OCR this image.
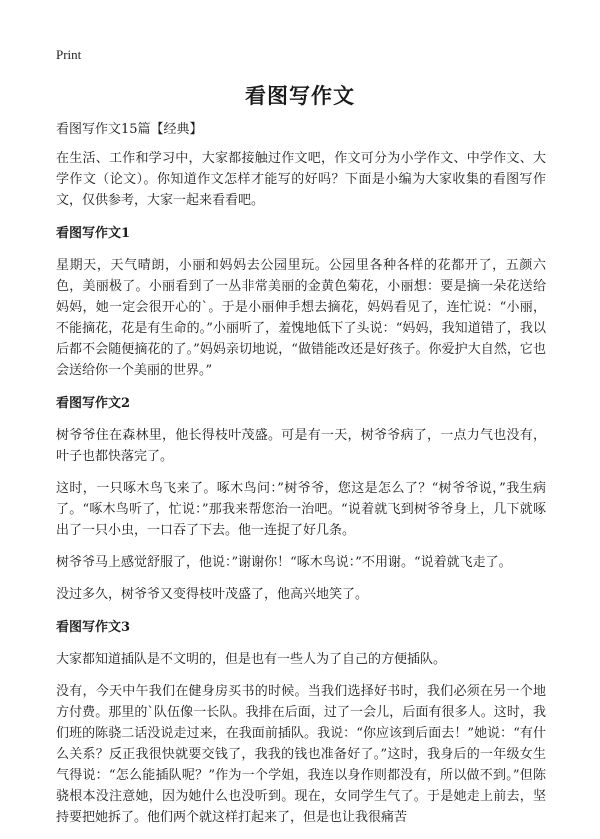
Print
看图写作文
看图写作文15篇【经典】

在生活、工作和学习中，大家都接触过作文吧，作文可分为小学作文、中学作文、大学作文（论文）。你知道作文怎样才能写的好吗？下面是小编为大家收集的看图写作文，仅供参考，大家一起来看看吧。

看图写作文1

星期天，天气晴朗，小丽和妈妈去公园里玩。公园里各种各样的花都开了，五颜六色，美丽极了。小丽看到了一丛非常美丽的金黄色菊花，小丽想：要是摘一朵花送给妈妈，她一定会很开心的`。于是小丽伸手想去摘花，妈妈看见了，连忙说：“小丽，不能摘花，花是有生命的。”小丽听了，羞愧地低下了头说：“妈妈，我知道错了，我以后都不会随便摘花的了。”妈妈亲切地说，“做错能改还是好孩子。你爱护大自然，它也会送给你一个美丽的世界。”

看图写作文2

树爷爷住在森林里，他长得枝叶茂盛。可是有一天，树爷爷病了，一点力气也没有，叶子也都快落完了。

这时，一只啄木鸟飞来了。啄木鸟问：”树爷爷，您这是怎么了？“树爷爷说，”我生病了。“啄木鸟听了，忙说：”那我来帮您治一治吧。“说着就飞到树爷爷身上，几下就啄出了一只小虫，一口吞了下去。他一连捉了好几条。

树爷爷马上感觉舒服了，他说：”谢谢你！“啄木鸟说：”不用谢。“说着就飞走了。

没过多久，树爷爷又变得枝叶茂盛了，他高兴地笑了。

看图写作文3

大家都知道插队是不文明的，但是也有一些人为了自己的方便插队。

没有，今天中午我们在健身房买书的时候。当我们选择好书时，我们必须在另一个地方付费。那里的`队伍像一长队。我排在后面，过了一会儿，后面有很多人。这时，我们班的陈骁二话没说走过来，在我面前插队。我说：“你应该到后面去！”她说：“有什么关系？反正我很快就要交钱了，我我的钱也准备好了。”这时，我身后的一年级女生气得说：“怎么能插队呢？”作为一个学姐，我连以身作则都没有，所以做不到。”但陈骁根本没注意她，因为她什么也没听到。现在，女同学生气了。于是她走上前去，坚持要把她拆了。他们两个就这样打起来了，但是也让我很痛苦
